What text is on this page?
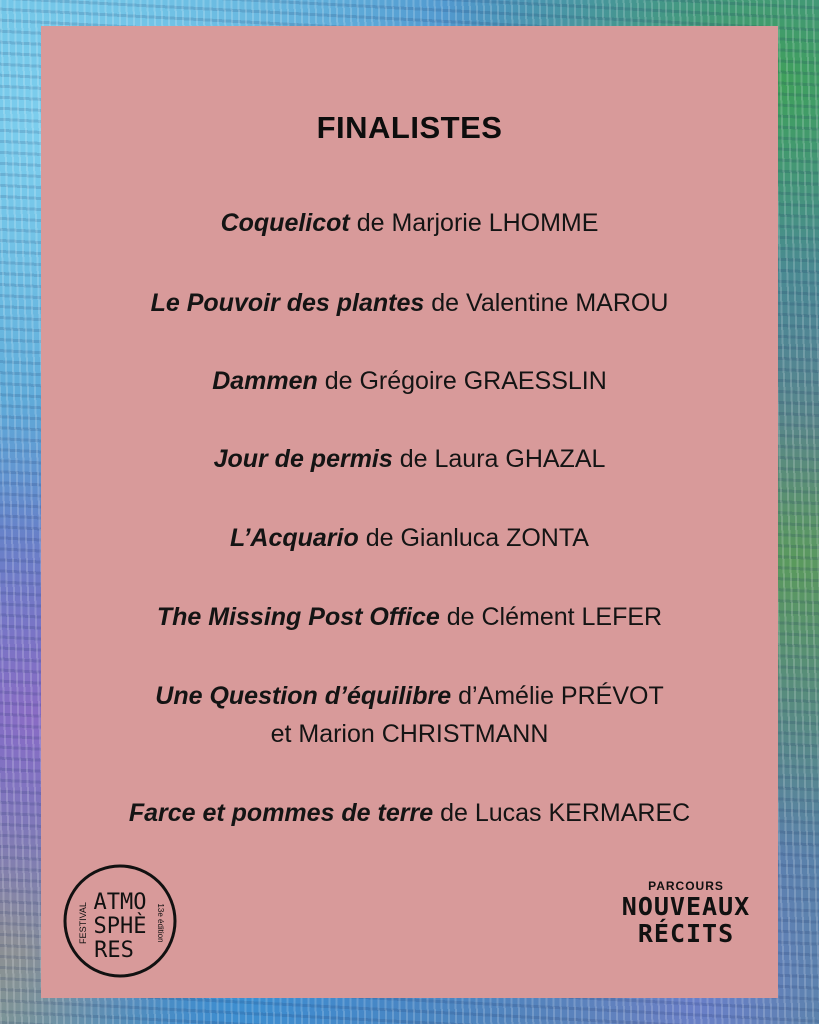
FINALISTES
Coquelicot de Marjorie LHOMME
Le Pouvoir des plantes de Valentine MAROU
Dammen de Grégoire GRAESSLIN
Jour de permis de Laura GHAZAL
L’Acquario de Gianluca ZONTA
The Missing Post Office de Clément LEFER
Une Question d’équilibre d’Amélie PRÉVOT
et Marion CHRISTMANN
Farce et pommes de terre de Lucas KERMAREC
FESTIVAL ATMO
SPHÈ
RES
13e édition
PARCOURS
NOUVEAUX
RÉCITS
